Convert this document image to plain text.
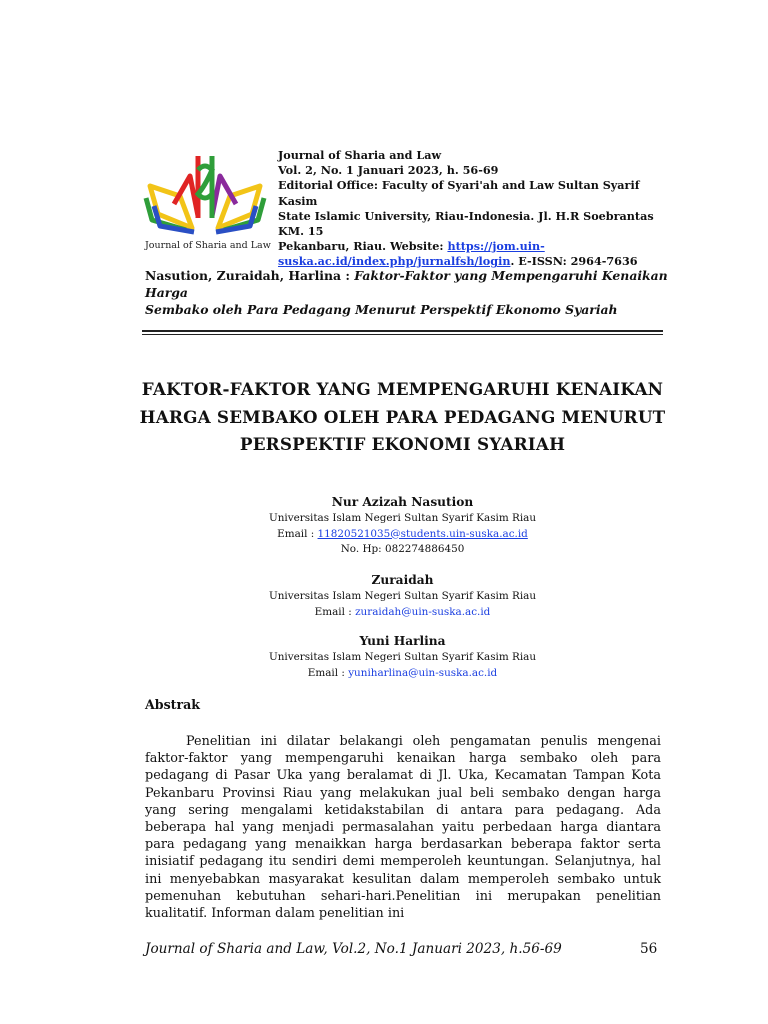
Journal of Sharia and Law
Journal of Sharia and Law
Vol. 2, No. 1 Januari 2023, h. 56-69
Editorial Office: Faculty of Syari'ah and Law Sultan Syarif Kasim
State Islamic University, Riau-Indonesia. Jl. H.R Soebrantas KM. 15
Pekanbaru, Riau. Website: https://jom.uin-
suska.ac.id/index.php/jurnalfsh/login. E-ISSN: 2964-7636
Nasution, Zuraidah, Harlina : Faktor-Faktor yang Mempengaruhi Kenaikan Harga
Sembako oleh Para Pedagang Menurut Perspektif Ekonomo Syariah
FAKTOR-FAKTOR YANG MEMPENGARUHI KENAIKAN
HARGA SEMBAKO OLEH PARA PEDAGANG MENURUT
PERSPEKTIF EKONOMI SYARIAH
Nur Azizah Nasution
Universitas Islam Negeri Sultan Syarif Kasim Riau
Email : 11820521035@students.uin-suska.ac.id
No. Hp: 082274886450
Zuraidah
Universitas Islam Negeri Sultan Syarif Kasim Riau
Email : zuraidah@uin-suska.ac.id
Yuni Harlina
Universitas Islam Negeri Sultan Syarif Kasim Riau
Email : yuniharlina@uin-suska.ac.id
Abstrak

Penelitian ini dilatar belakangi oleh pengamatan penulis mengenai faktor-faktor yang mempengaruhi kenaikan harga sembako oleh para pedagang di Pasar Uka yang beralamat di Jl. Uka, Kecamatan Tampan Kota Pekanbaru Provinsi Riau yang melakukan jual beli sembako dengan harga yang sering mengalami ketidakstabilan di antara para pedagang. Ada beberapa hal yang menjadi permasalahan yaitu perbedaan harga diantara para pedagang yang menaikkan harga berdasarkan beberapa faktor serta inisiatif pedagang itu sendiri demi memperoleh keuntungan. Selanjutnya, hal ini menyebabkan masyarakat kesulitan dalam memperoleh sembako untuk pemenuhan kebutuhan sehari-hari.Penelitian ini merupakan penelitian kualitatif. Informan dalam penelitian ini

Journal of Sharia and Law, Vol.2, No.1 Januari 2023, h.56-69	56
